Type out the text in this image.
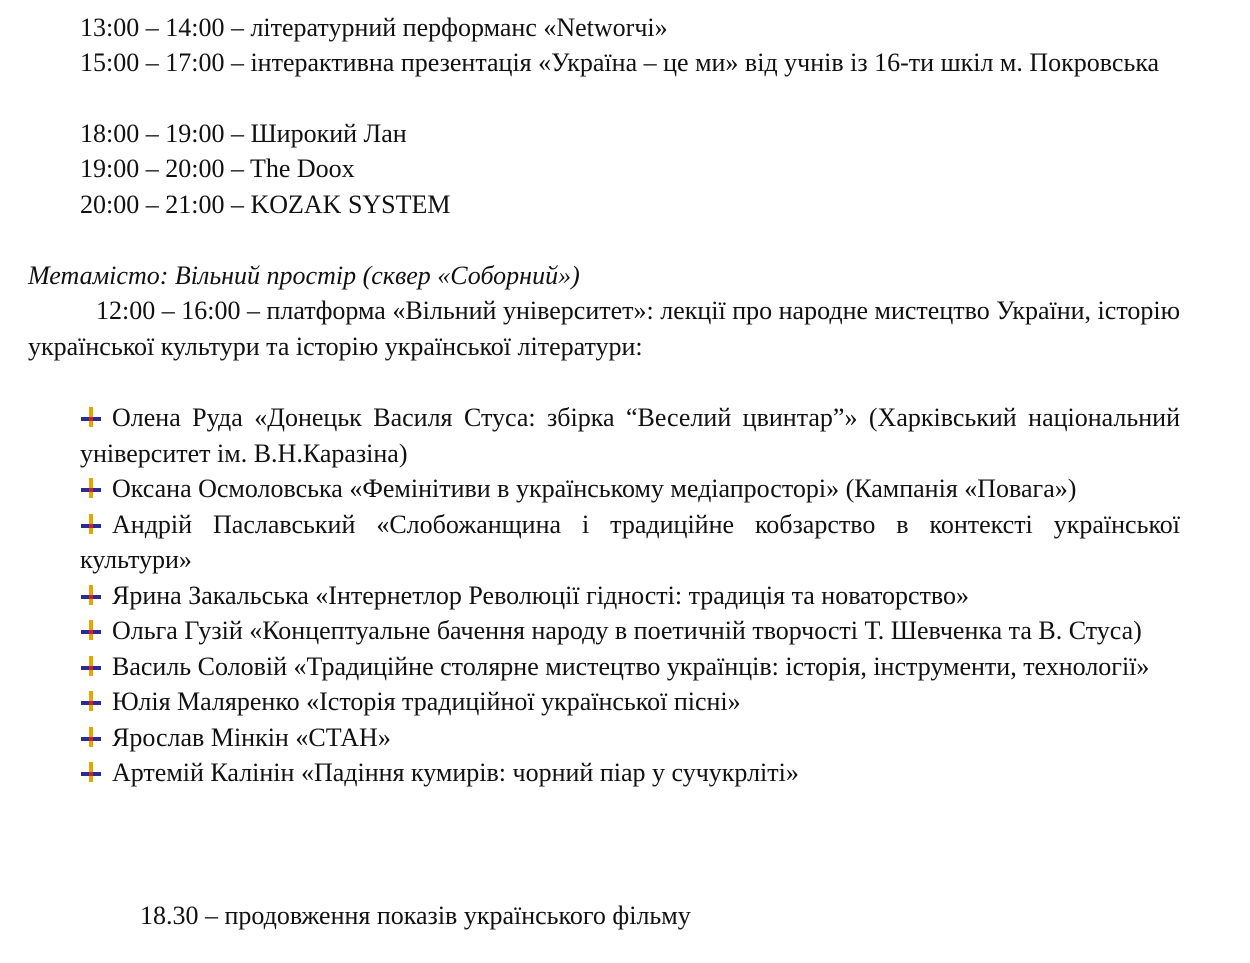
13:00 – 14:00 – літературний перформанс «Networчі»
15:00 – 17:00 – інтерактивна презентація «Україна – це ми» від учнів із 16-ти шкіл м. Покровська
18:00 – 19:00 – Широкий Лан
19:00 – 20:00 – The Doox
20:00 – 21:00 – KOZAK SYSTEM
Метамісто: Вільний простір (сквер «Соборний»)
12:00 – 16:00 – платформа «Вільний університет»: лекції про народне мистецтво України, історію української культури та історію української літератури:
Олена Руда «Донецьк Василя Стуса: збірка “Веселий цвинтар”» (Харківський національний університет ім. В.Н.Каразіна)
Оксана Осмоловська «Фемінітиви в українському медіапросторі» (Кампанія «Повага»)
Андрій Паславський «Слобожанщина і традиційне кобзарство в контексті української культури»
Ярина Закальська «Інтернетлор Революції гідності: традиція та новаторство»
Ольга Гузій «Концептуальне бачення народу в поетичній творчості Т. Шевченка та В. Стуса)
Василь Соловій «Традиційне столярне мистецтво українців: історія, інструменти, технології»
Юлія Маляренко «Історія традиційної української пісні»
Ярослав Мінкін «СТАН»
Артемій Калінін «Падіння кумирів: чорний піар у сучукрліті»
18.30 – продовження показів українського фільму
